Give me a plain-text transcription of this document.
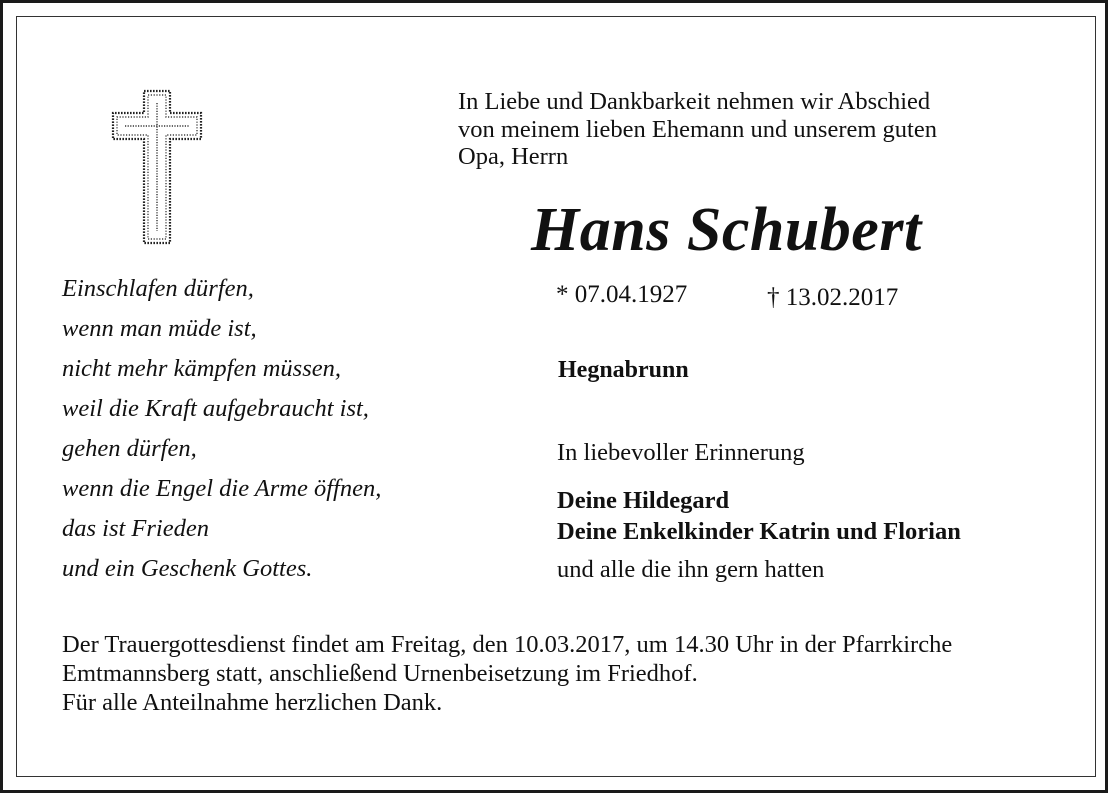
In Liebe und Dankbarkeit nehmen wir Abschied
von meinem lieben Ehemann und unserem guten
Opa, Herrn
Hans Schubert
* 07.04.1927	† 13.02.2017
Hegnabrunn
Einschlafen dürfen,
wenn man müde ist,
nicht mehr kämpfen müssen,
weil die Kraft aufgebraucht ist,
gehen dürfen,
wenn die Engel die Arme öffnen,
das ist Frieden
und ein Geschenk Gottes.
In liebevoller Erinnerung
Deine Hildegard
Deine Enkelkinder Katrin und Florian
und alle die ihn gern hatten
Der Trauergottesdienst findet am Freitag, den 10.03.2017, um 14.30 Uhr in der Pfarrkirche
Emtmannsberg statt, anschließend Urnenbeisetzung im Friedhof.
Für alle Anteilnahme herzlichen Dank.
